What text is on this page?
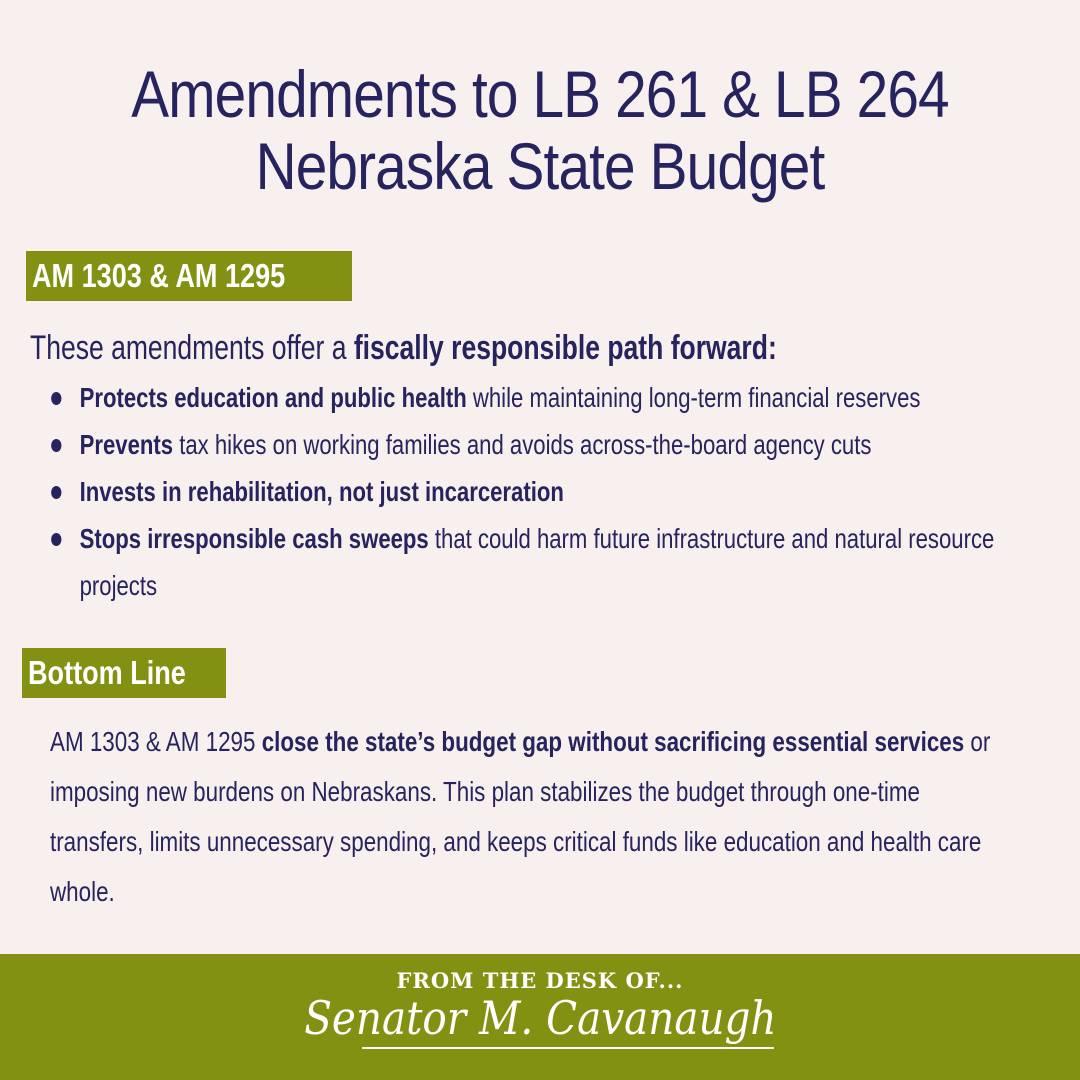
Amendments to LB 261 & LB 264
Nebraska State Budget
AM 1303 & AM 1295
These amendments offer a fiscally responsible path forward:
Protects education and public health while maintaining long-term financial reserves
Prevents tax hikes on working families and avoids across-the-board agency cuts
Invests in rehabilitation, not just incarceration
Stops irresponsible cash sweeps that could harm future infrastructure and natural resource projects
Bottom Line
AM 1303 & AM 1295 close the state’s budget gap without sacrificing essential services or imposing new burdens on Nebraskans. This plan stabilizes the budget through one-time transfers, limits unnecessary spending, and keeps critical funds like education and health care whole.
FROM THE DESK OF...
Senator M. Cavanaugh
